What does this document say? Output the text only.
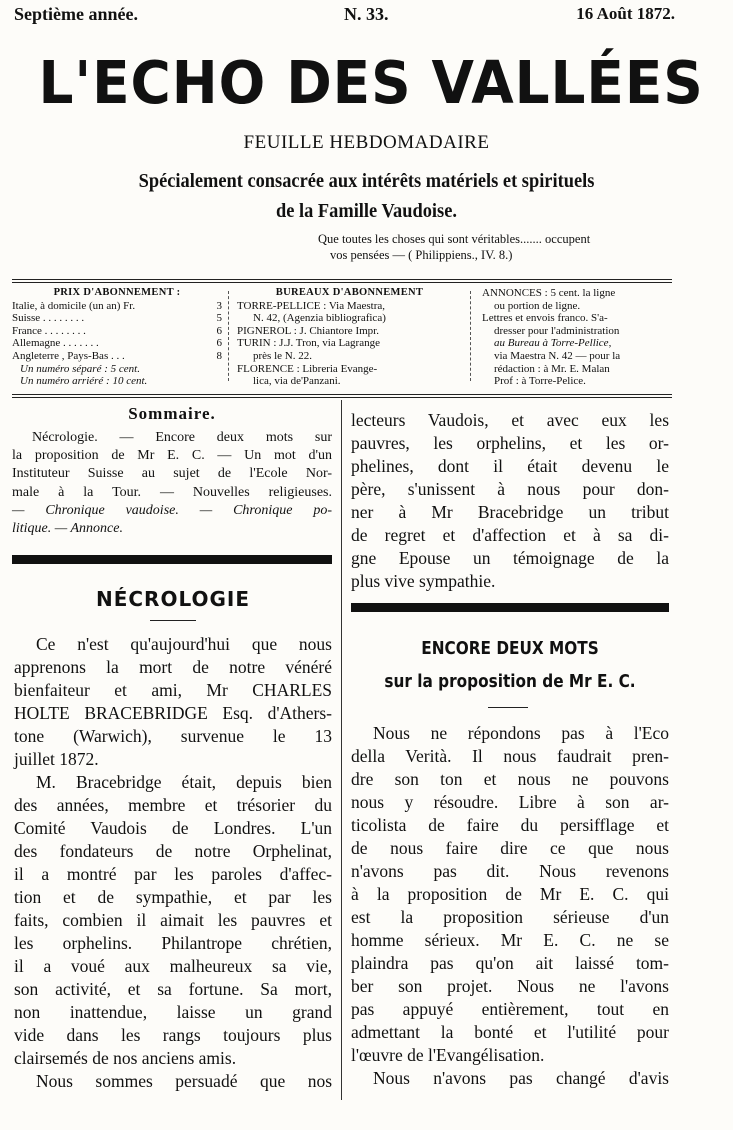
Septième année.	N. 33.	16 Août 1872.
L'ECHO DES VALLÉES
FEUILLE HEBDOMADAIRE
Spécialement consacrée aux intérêts matériels et spirituels
de la Famille Vaudoise.
Que toutes les choses qui sont véritables....... occupent
vos pensées — ( Philippiens., IV. 8.)
PRIX D'ABONNEMENT :
Italie, à domicile (un an) Fr.	3
Suisse . . . . . . . .	5
France . . . . . . . .	6
Allemagne . . . . . . .	6
Angleterre , Pays-Bas . . .	8
Un numéro séparé : 5 cent.
Un numéro arriéré : 10 cent.
BUREAUX D'ABONNEMENT
TORRE-PELLICE : Via Maestra,
N. 42, (Agenzia bibliografica)
PIGNEROL : J. Chiantore Impr.
TURIN : J.J. Tron, via Lagrange
près le N. 22.
FLORENCE : Libreria Evange-
lica, via de'Panzani.
ANNONCES : 5 cent. la ligne
ou portion de ligne.
Lettres et envois franco. S'a-
dresser pour l'administration
au Bureau à Torre-Pellice,
via Maestra N. 42 — pour la
rédaction : à Mr. E. Malan
Prof : à Torre-Pelice.
Sommaire.
Nécrologie. — Encore deux mots sur
la proposition de Mr E. C. — Un mot d'un
Instituteur Suisse au sujet de l'Ecole Nor-
male à la Tour. — Nouvelles religieuses.
— Chronique vaudoise. — Chronique po-
litique. — Annonce.
NÉCROLOGIE
Ce n'est qu'aujourd'hui que nous
apprenons la mort de notre vénéré
bienfaiteur et ami, Mr CHARLES
HOLTE BRACEBRIDGE Esq. d'Athers-
tone (Warwich), survenue le 13
juillet 1872.
M. Bracebridge était, depuis bien
des années, membre et trésorier du
Comité Vaudois de Londres. L'un
des fondateurs de notre Orphelinat,
il a montré par les paroles d'affec-
tion et de sympathie, et par les
faits, combien il aimait les pauvres et
les orphelins. Philantrope chrétien,
il a voué aux malheureux sa vie,
son activité, et sa fortune. Sa mort,
non inattendue, laisse un grand
vide dans les rangs toujours plus
clairsemés de nos anciens amis.
Nous sommes persuadé que nos
lecteurs Vaudois, et avec eux les
pauvres, les orphelins, et les or-
phelines, dont il était devenu le
père, s'unissent à nous pour don-
ner à Mr Bracebridge un tribut
de regret et d'affection et à sa di-
gne Epouse un témoignage de la
plus vive sympathie.
ENCORE DEUX MOTS
sur la proposition de Mr E. C.
Nous ne répondons pas à l'Eco
della Verità. Il nous faudrait pren-
dre son ton et nous ne pouvons
nous y résoudre. Libre à son ar-
ticolista de faire du persifflage et
de nous faire dire ce que nous
n'avons pas dit. Nous revenons
à la proposition de Mr E. C. qui
est la proposition sérieuse d'un
homme sérieux. Mr E. C. ne se
plaindra pas qu'on ait laissé tom-
ber son projet. Nous ne l'avons
pas appuyé entièrement, tout en
admettant la bonté et l'utilité pour
l'œuvre de l'Evangélisation.
Nous n'avons pas changé d'avis
